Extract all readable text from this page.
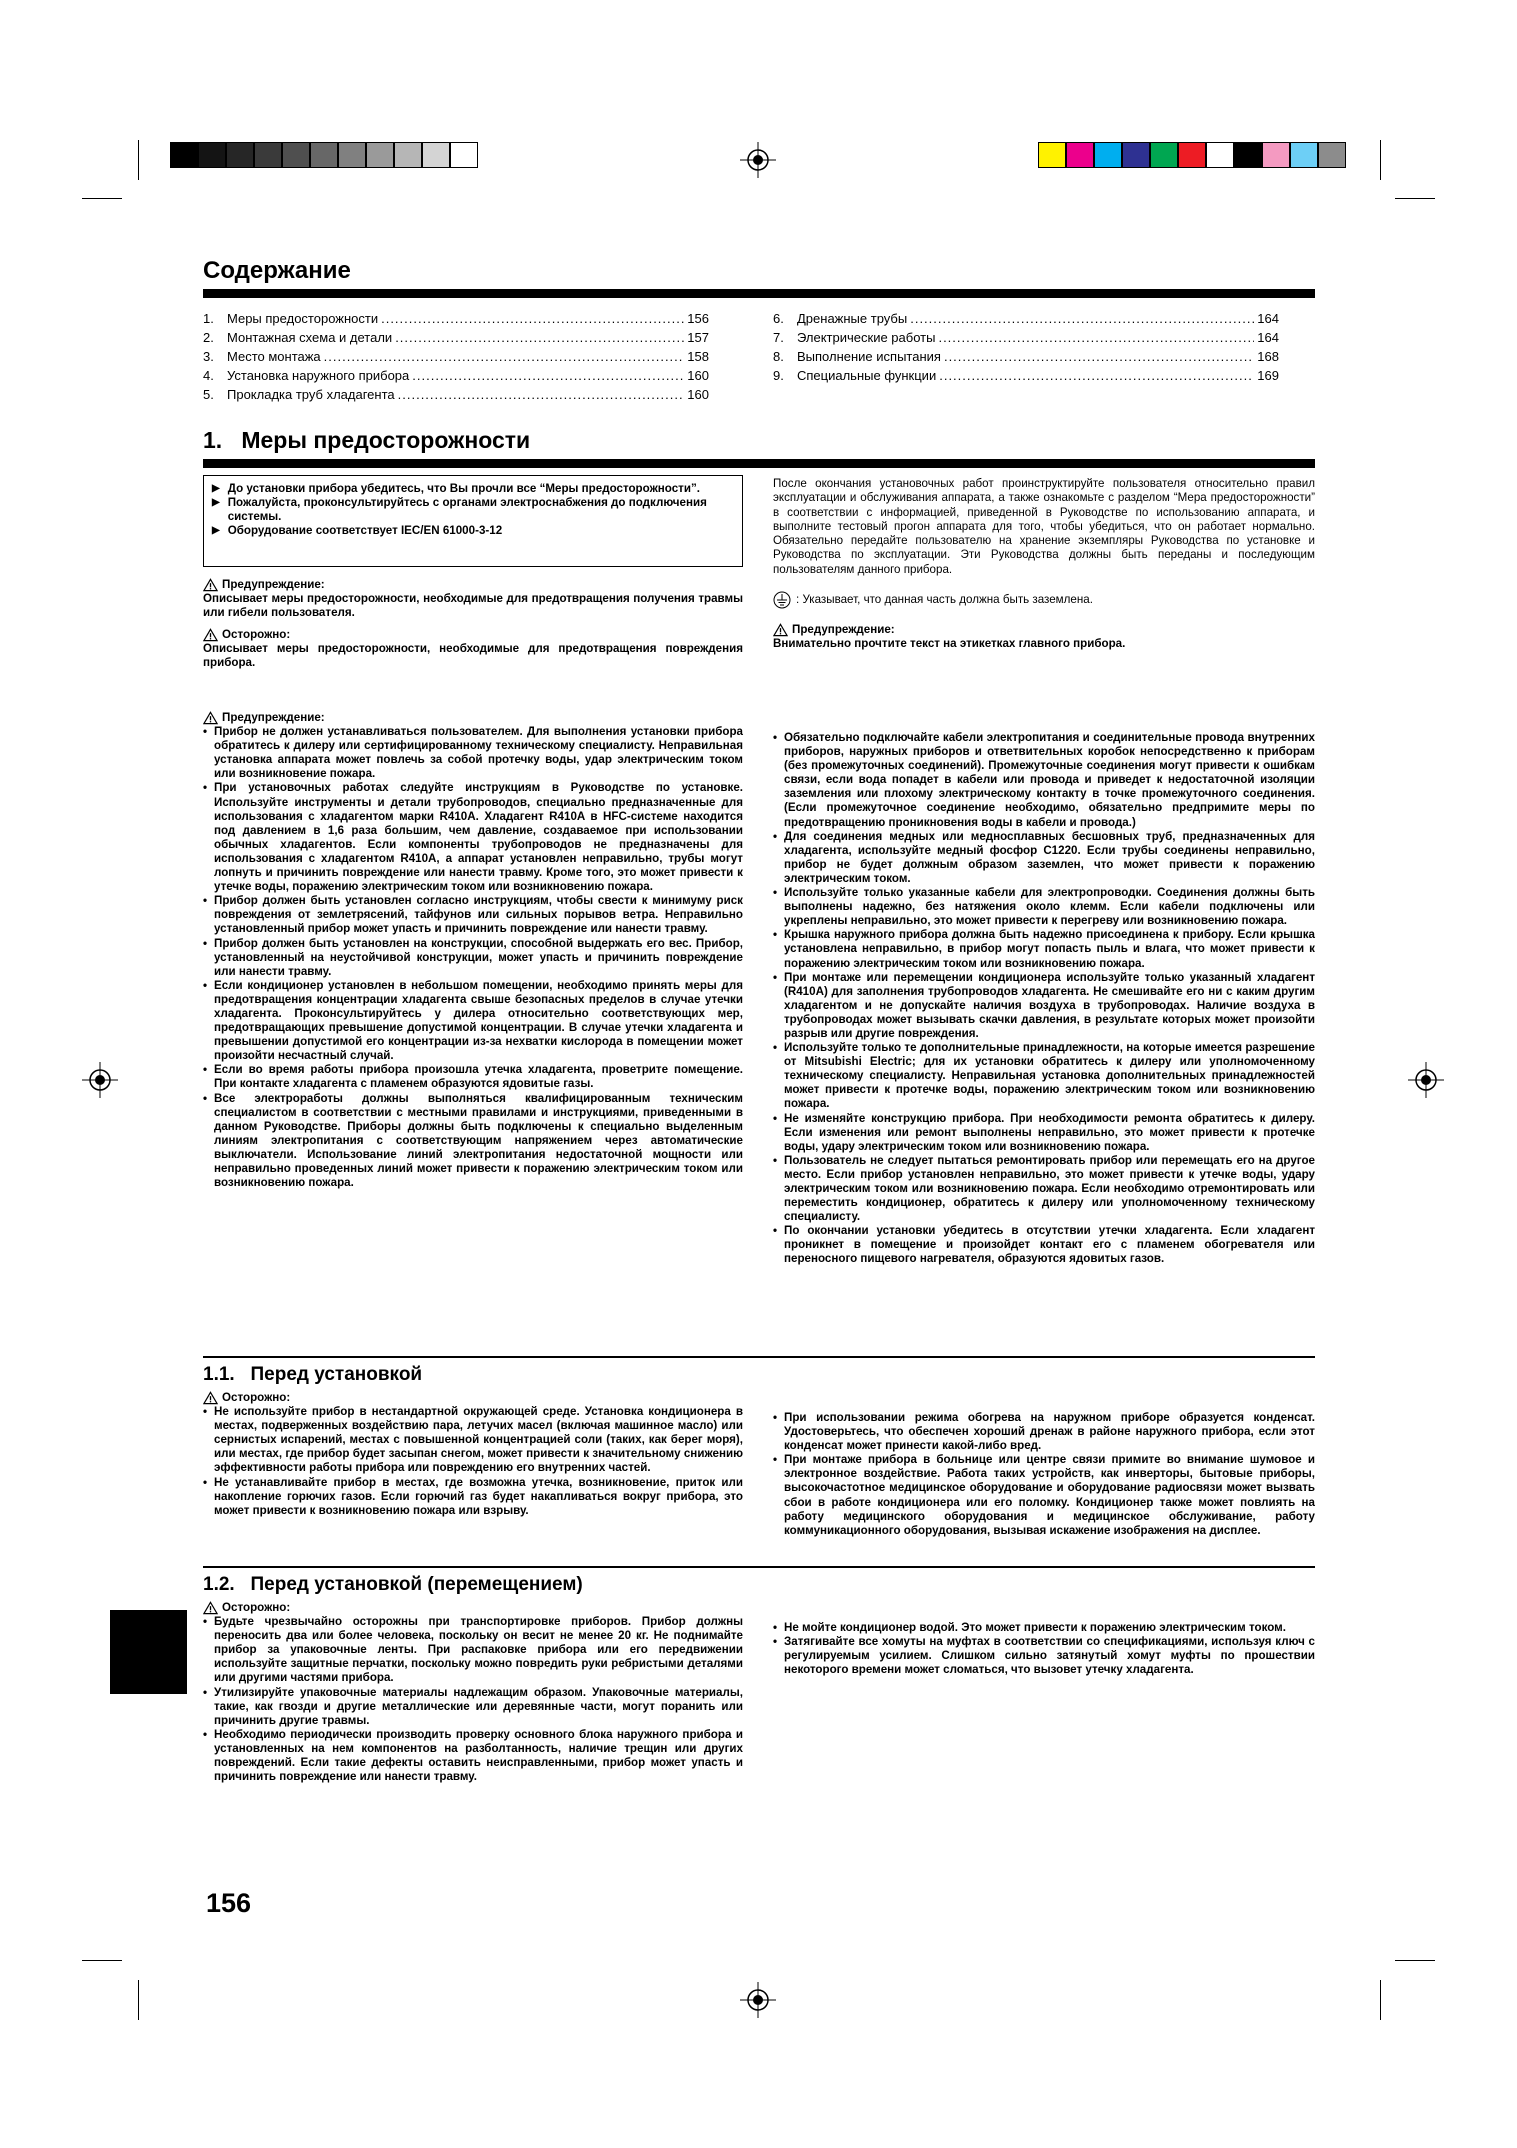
Содержание
1.	Меры предосторожности .....	156
2.	Монтажная схема и детали .....	157
3.	Место монтажа .....	158
4.	Установка наружного прибора .....	160
5.	Прокладка труб хладагента .....	160
6.	Дренажные трубы .....	164
7.	Электрические работы .....	164
8.	Выполнение испытания .....	168
9.	Специальные функции .....	169
1.   Меры предосторожности
▶ До установки прибора убедитесь, что Вы прочли все “Меры предосторожности”.
▶ Пожалуйста, проконсультируйтесь с органами электроснабжения до подключения системы.
▶ Оборудование соответствует IEC/EN 61000-3-12
Предупреждение:

Описывает меры предосторожности, необходимые для предотвращения получения травмы или гибели пользователя.

Осторожно:

Описывает меры предосторожности, необходимые для предотвращения повреждения прибора.

После окончания установочных работ проинструктируйте пользователя относительно правил эксплуатации и обслуживания аппарата, а также ознакомьте с разделом “Мера предосторожности” в соответствии с информацией, приведенной в Руководстве по использованию аппарата, и выполните тестовый прогон аппарата для того, чтобы убедиться, что он работает нормально. Обязательно передайте пользователю на хранение экземпляры Руководства по установке и Руководства по эксплуатации. Эти Руководства должны быть переданы и последующим пользователям данного прибора.

: Указывает, что данная часть должна быть заземлена.
Предупреждение:

Внимательно прочтите текст на этикетках главного прибора.

Предупреждение:
• Прибор не должен устанавливаться пользователем. Для выполнения установки прибора обратитесь к дилеру или сертифицированному техническому специалисту. Неправильная установка аппарата может повлечь за собой протечку воды, удар электрическим током или возникновение пожара.
• При установочных работах следуйте инструкциям в Руководстве по установке. Используйте инструменты и детали трубопроводов, специально предназначенные для использования с хладагентом марки R410A. Хладагент R410A в HFC-системе находится под давлением в 1,6 раза большим, чем давление, создаваемое при использовании обычных хладагентов. Если компоненты трубопроводов не предназначены для использования с хладагентом R410A, а аппарат установлен неправильно, трубы могут лопнуть и причинить повреждение или нанести травму. Кроме того, это может привести к утечке воды, поражению электрическим током или возникновению пожара.
• Прибор должен быть установлен согласно инструкциям, чтобы свести к минимуму риск повреждения от землетрясений, тайфунов или сильных порывов ветра. Неправильно установленный прибор может упасть и причинить повреждение или нанести травму.
• Прибор должен быть установлен на конструкции, способной выдержать его вес. Прибор, установленный на неустойчивой конструкции, может упасть и причинить повреждение или нанести травму.
• Если кондиционер установлен в небольшом помещении, необходимо принять меры для предотвращения концентрации хладагента свыше безопасных пределов в случае утечки хладагента. Проконсультируйтесь у дилера относительно соответствующих мер, предотвращающих превышение допустимой концентрации. В случае утечки хладагента и превышении допустимой его концентрации из-за нехватки кислорода в помещении может произойти несчастный случай.
• Если во время работы прибора произошла утечка хладагента, проветрите помещение. При контакте хладагента с пламенем образуются ядовитые газы.
• Все электроработы должны выполняться квалифицированным техническим специалистом в соответствии с местными правилами и инструкциями, приведенными в данном Руководстве. Приборы должны быть подключены к специально выделенным линиям электропитания с соответствующим напряжением через автоматические выключатели. Использование линий электропитания недостаточной мощности или неправильно проведенных линий может привести к поражению электрическим током или возникновению пожара.
• Обязательно подключайте кабели электропитания и соединительные провода внутренних приборов, наружных приборов и ответвительных коробок непосредственно к приборам (без промежуточных соединений). Промежуточные соединения могут привести к ошибкам связи, если вода попадет в кабели или провода и приведет к недостаточной изоляции заземления или плохому электрическому контакту в точке промежуточного соединения. (Если промежуточное соединение необходимо, обязательно предпримите меры по предотвращению проникновения воды в кабели и провода.)
• Для соединения медных или медносплавных бесшовных труб, предназначенных для хладагента, используйте медный фосфор C1220. Если трубы соединены неправильно, прибор не будет должным образом заземлен, что может привести к поражению электрическим током.
• Используйте только указанные кабели для электропроводки. Соединения должны быть выполнены надежно, без натяжения около клемм. Если кабели подключены или укреплены неправильно, это может привести к перегреву или возникновению пожара.
• Крышка наружного прибора должна быть надежно присоединена к прибору. Если крышка установлена неправильно, в прибор могут попасть пыль и влага, что может привести к поражению электрическим током или возникновению пожара.
• При монтаже или перемещении кондиционера используйте только указанный хладагент (R410A) для заполнения трубопроводов хладагента. Не смешивайте его ни с каким другим хладагентом и не допускайте наличия воздуха в трубопроводах. Наличие воздуха в трубопроводах может вызывать скачки давления, в результате которых может произойти разрыв или другие повреждения.
• Используйте только те дополнительные принадлежности, на которые имеется разрешение от Mitsubishi Electric; для их установки обратитесь к дилеру или уполномоченному техническому специалисту. Неправильная установка дополнительных принадлежностей может привести к протечке воды, поражению электрическим током или возникновению пожара.
• Не изменяйте конструкцию прибора. При необходимости ремонта обратитесь к дилеру. Если изменения или ремонт выполнены неправильно, это может привести к протечке воды, удару электрическим током или возникновению пожара.
• Пользователь не следует пытаться ремонтировать прибор или перемещать его на другое место. Если прибор установлен неправильно, это может привести к утечке воды, удару электрическим током или возникновению пожара. Если необходимо отремонтировать или переместить кондиционер, обратитесь к дилеру или уполномоченному техническому специалисту.
• По окончании установки убедитесь в отсутствии утечки хладагента. Если хладагент проникнет в помещение и произойдет контакт его с пламенем обогревателя или переносного пищевого нагревателя, образуются ядовитых газов.
1.1.   Перед установкой
Осторожно:
• Не используйте прибор в нестандартной окружающей среде. Установка кондиционера в местах, подверженных воздействию пара, летучих масел (включая машинное масло) или сернистых испарений, местах с повышенной концентрацией соли (таких, как берег моря), или местах, где прибор будет засыпан снегом, может привести к значительному снижению эффективности работы прибора или повреждению его внутренних частей.
• Не устанавливайте прибор в местах, где возможна утечка, возникновение, приток или накопление горючих газов. Если горючий газ будет накапливаться вокруг прибора, это может привести к возникновению пожара или взрыву.
• При использовании режима обогрева на наружном приборе образуется конденсат. Удостоверьтесь, что обеспечен хороший дренаж в районе наружного прибора, если этот конденсат может принести какой-либо вред.
• При монтаже прибора в больнице или центре связи примите во внимание шумовое и электронное воздействие. Работа таких устройств, как инверторы, бытовые приборы, высокочастотное медицинское оборудование и оборудование радиосвязи может вызвать сбои в работе кондиционера или его поломку. Кондиционер также может повлиять на работу медицинского оборудования и медицинское обслуживание, работу коммуникационного оборудования, вызывая искажение изображения на дисплее.
1.2.   Перед установкой (перемещением)
Осторожно:
• Будьте чрезвычайно осторожны при транспортировке приборов. Прибор должны переносить два или более человека, поскольку он весит не менее 20 кг. Не поднимайте прибор за упаковочные ленты. При распаковке прибора или его передвижении используйте защитные перчатки, поскольку можно повредить руки ребристыми деталями или другими частями прибора.
• Утилизируйте упаковочные материалы надлежащим образом. Упаковочные материалы, такие, как гвозди и другие металлические или деревянные части, могут поранить или причинить другие травмы.
• Необходимо периодически производить проверку основного блока наружного прибора и установленных на нем компонентов на разболтанность, наличие трещин или других повреждений. Если такие дефекты оставить неисправленными, прибор может упасть и причинить повреждение или нанести травму.
• Не мойте кондиционер водой. Это может привести к поражению электрическим током.
• Затягивайте все хомуты на муфтах в соответствии со спецификациями, используя ключ с регулируемым усилием. Слишком сильно затянутый хомут муфты по прошествии некоторого времени может сломаться, что вызовет утечку хладагента.
156
